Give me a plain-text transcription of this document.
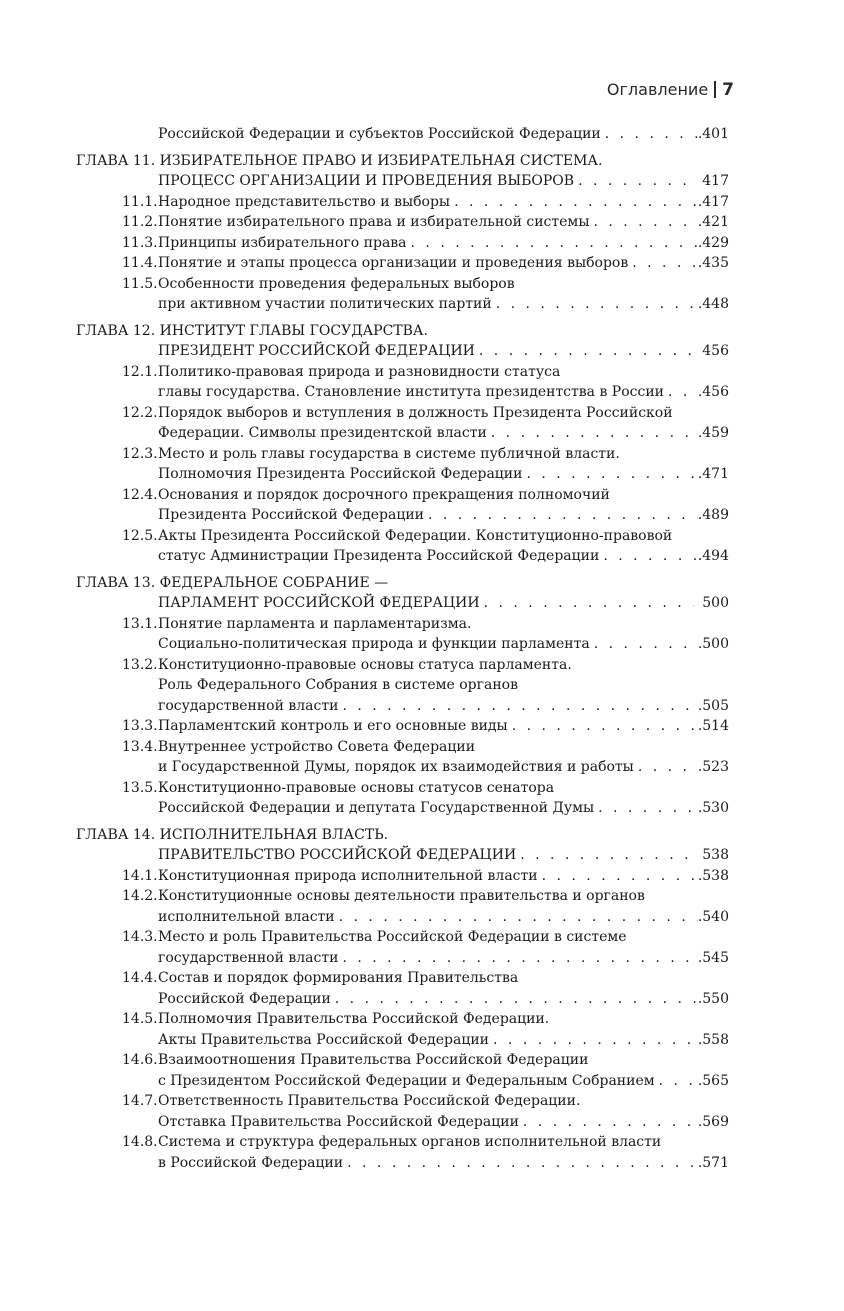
Оглавление 7
Российской Федерации и субъектов Российской Федерации . . .	.401
ГЛАВА 11. ИЗБИРАТЕЛЬНОЕ ПРАВО И ИЗБИРАТЕЛЬНАЯ СИСТЕМА.
ПРОЦЕСС ОРГАНИЗАЦИИ И ПРОВЕДЕНИЯ ВЫБОРОВ . . .	417
11.1. Народное представительство и выборы . . .	.417
11.2. Понятие избирательного права и избирательной системы . . .	.421
11.3. Принципы избирательного права . . .	.429
11.4. Понятие и этапы процесса организации и проведения выборов . . .	.435
11.5. Особенности проведения федеральных выборов
при активном участии политических партий . . .	.448
ГЛАВА 12. ИНСТИТУТ ГЛАВЫ ГОСУДАРСТВА.
ПРЕЗИДЕНТ РОССИЙСКОЙ ФЕДЕРАЦИИ . . .	456
12.1. Политико-правовая природа и разновидности статуса
главы государства. Становление института президентства в России . . . .456
12.2. Порядок выборов и вступления в должность Президента Российской
Федерации. Символы президентской власти . . .	.459
12.3. Место и роль главы государства в системе публичной власти.
Полномочия Президента Российской Федерации . . .	.471
12.4. Основания и порядок досрочного прекращения полномочий
Президента Российской Федерации . . .	.489
12.5. Акты Президента Российской Федерации. Конституционно-правовой
статус Администрации Президента Российской Федерации . . .	.494
ГЛАВА 13. ФЕДЕРАЛЬНОЕ СОБРАНИЕ —
ПАРЛАМЕНТ РОССИЙСКОЙ ФЕДЕРАЦИИ . . .	500
13.1. Понятие парламента и парламентаризма.
Социально-политическая природа и функции парламента . . .	.500
13.2. Конституционно-правовые основы статуса парламента.
Роль Федерального Собрания в системе органов
государственной власти . . .	.505
13.3. Парламентский контроль и его основные виды . . .	.514
13.4. Внутреннее устройство Совета Федерации
и Государственной Думы, порядок их взаимодействия и работы . . .	.523
13.5. Конституционно-правовые основы статусов сенатора
Российской Федерации и депутата Государственной Думы . . .	.530
ГЛАВА 14. ИСПОЛНИТЕЛЬНАЯ ВЛАСТЬ.
ПРАВИТЕЛЬСТВО РОССИЙСКОЙ ФЕДЕРАЦИИ . . .	538
14.1. Конституционная природа исполнительной власти . . .	.538
14.2. Конституционные основы деятельности правительства и органов
исполнительной власти . . .	.540
14.3. Место и роль Правительства Российской Федерации в системе
государственной власти . . .	.545
14.4. Состав и порядок формирования Правительства
Российской Федерации . . .	.550
14.5. Полномочия Правительства Российской Федерации.
Акты Правительства Российской Федерации . . .	.558
14.6. Взаимоотношения Правительства Российской Федерации
с Президентом Российской Федерации и Федеральным Собранием . . .	.565
14.7. Ответственность Правительства Российской Федерации.
Отставка Правительства Российской Федерации . . .	.569
14.8. Система и структура федеральных органов исполнительной власти
в Российской Федерации . . .	.571
